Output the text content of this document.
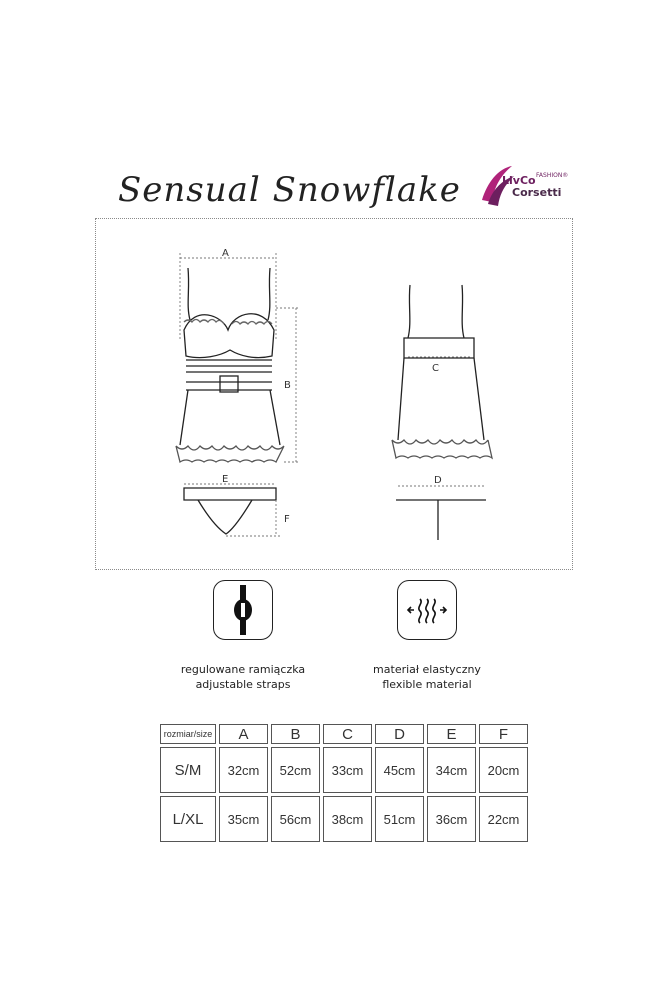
Sensual Snowflake	LivCo FASHION®
Corsetti
A
B
C
D
E
F
regulowane ramiączka
adjustable straps
materiał elastyczny
flexible material
rozmiar/size	A	B	C	D	E	F
S/M	32cm	52cm	33cm	45cm	34cm	20cm
L/XL	35cm	56cm	38cm	51cm	36cm	22cm
